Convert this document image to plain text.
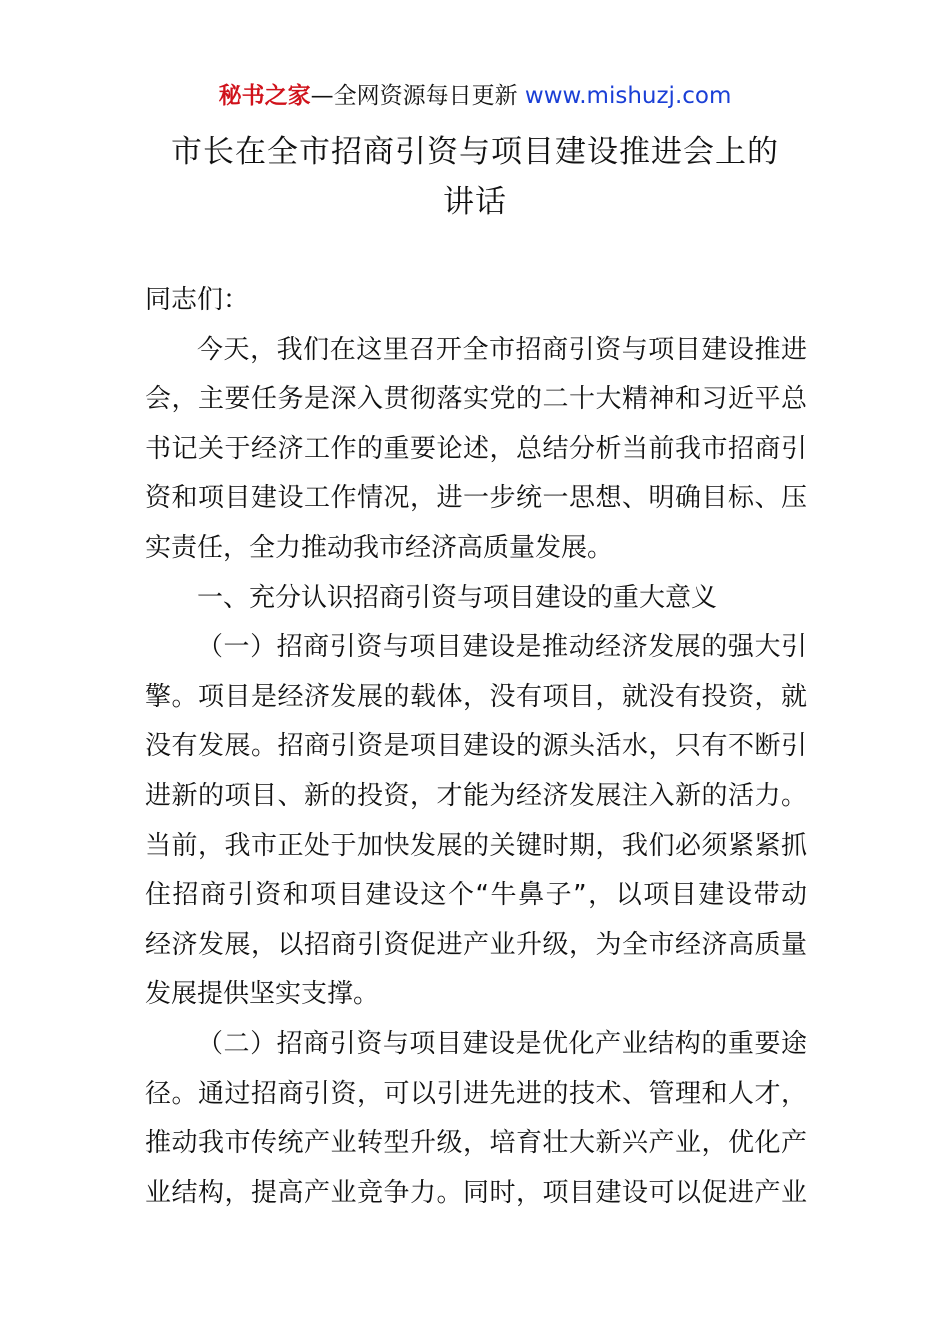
秘书之家—全网资源每日更新 www.mishuzj.com
市长在全市招商引资与项目建设推进会上的
讲话
同志们：
今天，我们在这里召开全市招商引资与项目建设推进
会，主要任务是深入贯彻落实党的二十大精神和习近平总
书记关于经济工作的重要论述，总结分析当前我市招商引
资和项目建设工作情况，进一步统一思想、明确目标、压
实责任，全力推动我市经济高质量发展。
一、充分认识招商引资与项目建设的重大意义
（一）招商引资与项目建设是推动经济发展的强大引
擎。项目是经济发展的载体，没有项目，就没有投资，就
没有发展。招商引资是项目建设的源头活水，只有不断引
进新的项目、新的投资，才能为经济发展注入新的活力。
当前，我市正处于加快发展的关键时期，我们必须紧紧抓
住招商引资和项目建设这个“牛鼻子”，以项目建设带动
经济发展，以招商引资促进产业升级，为全市经济高质量
发展提供坚实支撑。
（二）招商引资与项目建设是优化产业结构的重要途
径。通过招商引资，可以引进先进的技术、管理和人才，
推动我市传统产业转型升级，培育壮大新兴产业，优化产
业结构，提高产业竞争力。同时，项目建设可以促进产业
